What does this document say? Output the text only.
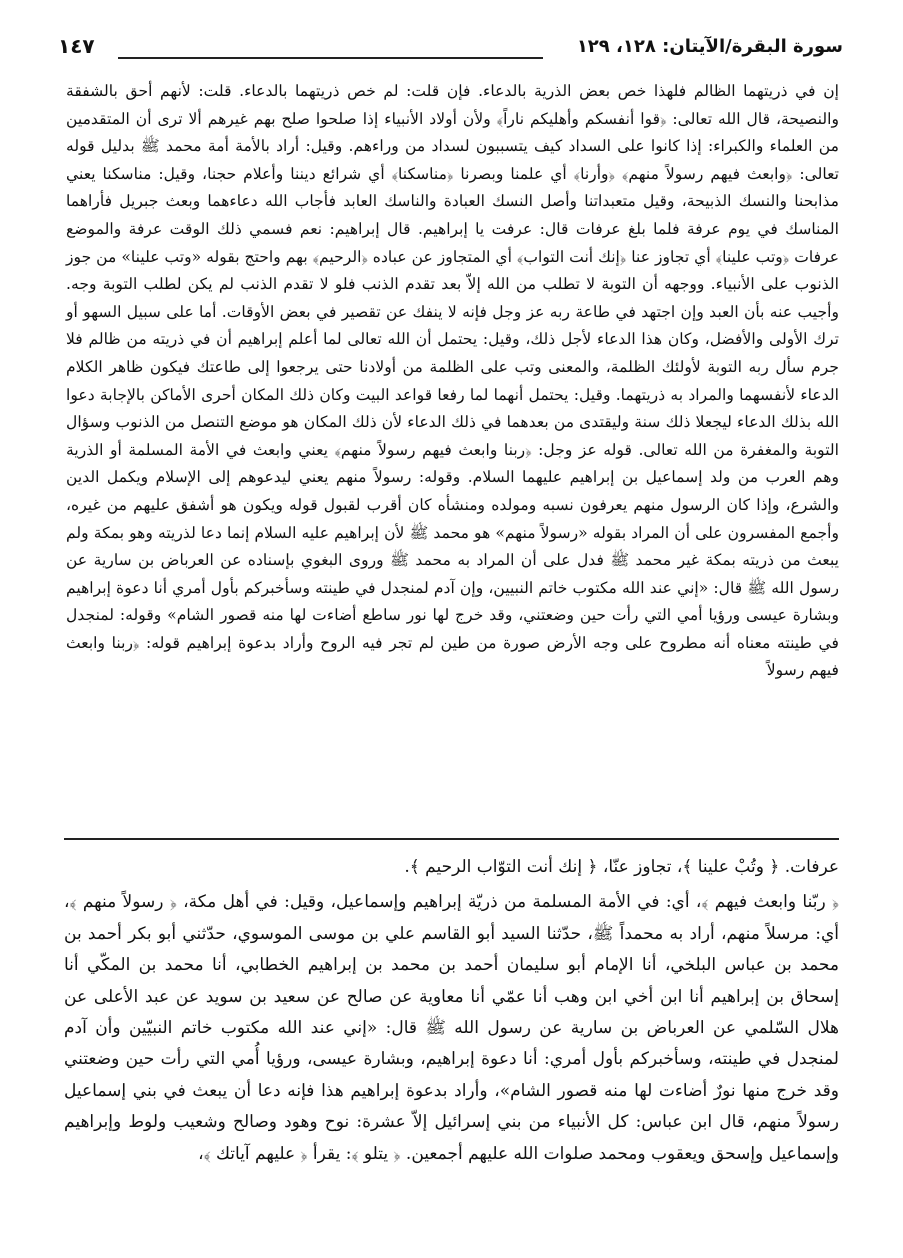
سورة البقرة/الآيتان: ١٢٨، ١٢٩
١٤٧

إن في ذريتهما الظالم فلهذا خص بعض الذرية بالدعاء. فإن قلت: لم خص ذريتهما بالدعاء. قلت: لأنهم أحق بالشفقة والنصيحة، قال الله تعالى: ﴿قوا أنفسكم وأهليكم ناراً﴾ ولأن أولاد الأنبياء إذا صلحوا صلح بهم غيرهم ألا ترى أن المتقدمين من العلماء والكبراء: إذا كانوا على السداد كيف يتسببون لسداد من وراءهم. وقيل: أراد بالأمة أمة محمد ﷺ بدليل قوله تعالى: ﴿وابعث فيهم رسولاً منهم﴾ ﴿وأرنا﴾ أي علمنا وبصرنا ﴿مناسكنا﴾ أي شرائع ديننا وأعلام حجنا، وقيل: مناسكنا يعني مذابحنا والنسك الذبيحة، وقيل متعبداتنا وأصل النسك العبادة والناسك العابد فأجاب الله دعاءهما وبعث جبريل فأراهما المناسك في يوم عرفة فلما بلغ عرفات قال: عرفت يا إبراهيم. قال إبراهيم: نعم فسمي ذلك الوقت عرفة والموضع عرفات ﴿وتب علينا﴾ أي تجاوز عنا ﴿إنك أنت التواب﴾ أي المتجاوز عن عباده ﴿الرحيم﴾ بهم واحتج بقوله «وتب علينا» من جوز الذنوب على الأنبياء. ووجهه أن التوبة لا تطلب من الله إلاّ بعد تقدم الذنب فلو لا تقدم الذنب لم يكن لطلب التوبة وجه. وأجيب عنه بأن العبد وإن اجتهد في طاعة ربه عز وجل فإنه لا ينفك عن تقصير في بعض الأوقات. أما على سبيل السهو أو ترك الأولى والأفضل، وكان هذا الدعاء لأجل ذلك، وقيل: يحتمل أن الله تعالى لما أعلم إبراهيم أن في ذريته من ظالم فلا جرم سأل ربه التوبة لأولئك الظلمة، والمعنى وتب على الظلمة من أولادنا حتى يرجعوا إلى طاعتك فيكون ظاهر الكلام الدعاء لأنفسهما والمراد به ذريتهما. وقيل: يحتمل أنهما لما رفعا قواعد البيت وكان ذلك المكان أحرى الأماكن بالإجابة دعوا الله بذلك الدعاء ليجعلا ذلك سنة وليقتدى من بعدهما في ذلك الدعاء لأن ذلك المكان هو موضع التنصل من الذنوب وسؤال التوبة والمغفرة من الله تعالى. قوله عز وجل: ﴿ربنا وابعث فيهم رسولاً منهم﴾ يعني وابعث في الأمة المسلمة أو الذرية وهم العرب من ولد إسماعيل بن إبراهيم عليهما السلام. وقوله: رسولاً منهم يعني ليدعوهم إلى الإسلام ويكمل الدين والشرع، وإذا كان الرسول منهم يعرفون نسبه ومولده ومنشأه كان أقرب لقبول قوله ويكون هو أشفق عليهم من غيره، وأجمع المفسرون على أن المراد بقوله «رسولاً منهم» هو محمد ﷺ لأن إبراهيم عليه السلام إنما دعا لذريته وهو بمكة ولم يبعث من ذريته بمكة غير محمد ﷺ فدل على أن المراد به محمد ﷺ وروى البغوي بإسناده عن العرباض بن سارية عن رسول الله ﷺ قال: «إني عند الله مكتوب خاتم النبيين، وإن آدم لمنجدل في طينته وسأخبركم بأول أمري أنا دعوة إبراهيم وبشارة عيسى ورؤيا أمي التي رأت حين وضعتني، وقد خرج لها نور ساطع أضاءت لها منه قصور الشام» وقوله: لمنجدل في طينته معناه أنه مطروح على وجه الأرض صورة من طين لم تجر فيه الروح وأراد بدعوة إبراهيم قوله: ﴿ربنا وابعث فيهم رسولاً

عرفات. ﴿ وتُبْ علينا ﴾، تجاوز عنّا، ﴿ إنك أنت التوّاب الرحيم ﴾.

﴿ ربّنا وابعث فيهم ﴾، أي: في الأمة المسلمة من ذريّة إبراهيم وإسماعيل، وقيل: في أهل مكة، ﴿ رسولاً منهم ﴾، أي: مرسلاً منهم، أراد به محمداً ﷺ، حدّثنا السيد أبو القاسم علي بن موسى الموسوي، حدّثني أبو بكر أحمد بن محمد بن عباس البلخي، أنا الإمام أبو سليمان أحمد بن محمد بن إبراهيم الخطابي، أنا محمد بن المكّي أنا إسحاق بن إبراهيم أنا ابن أخي ابن وهب أنا عمّي أنا معاوية عن صالح عن سعيد بن سويد عن عبد الأعلى عن هلال السّلمي عن العرباض بن سارية عن رسول الله ﷺ قال: «إني عند الله مكتوب خاتم النبيّين وأن آدم لمنجدل في طينته، وسأخبركم بأول أمري: أنا دعوة إبراهيم، وبشارة عيسى، ورؤيا أُمي التي رأت حين وضعتني وقد خرج منها نورٌ أضاءت لها منه قصور الشام»، وأراد بدعوة إبراهيم هذا فإنه دعا أن يبعث في بني إسماعيل رسولاً منهم، قال ابن عباس: كل الأنبياء من بني إسرائيل إلاّ عشرة: نوح وهود وصالح وشعيب ولوط وإبراهيم وإسماعيل وإسحق ويعقوب ومحمد صلوات الله عليهم أجمعين. ﴿ يتلو ﴾: يقرأ ﴿ عليهم آياتك ﴾،
